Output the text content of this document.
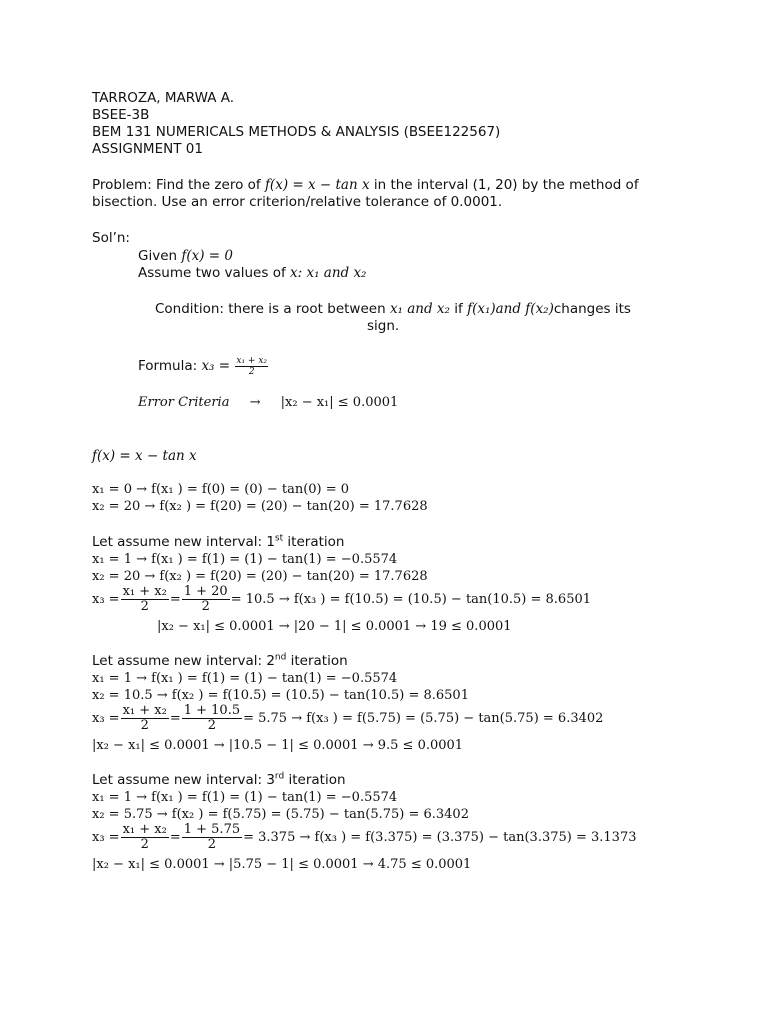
TARROZA, MARWA A.
BSEE-3B
BEM 131 NUMERICALS METHODS & ANALYSIS (BSEE122567)
ASSIGNMENT 01
Problem: Find the zero of f(x) = x − tan x in the interval (1, 20) by the method of
bisection. Use an error criterion/relative tolerance of 0.0001.
Sol’n:
Given f(x) = 0
Assume two values of x: x₁ and x₂
Condition: there is a root between x₁ and x₂ if f(x₁)and f(x₂)changes its
sign.
Formula: $x_3 = \frac{\text{x₁ + x₂}}{2}$
Error Criteria → |x₂ − x₁| ≤ 0.0001
f(x) = x − tan x
x₁ = 0 → f(x₁ ) = f(0) = (0) − tan(0) = 0
x₂ = 20 → f(x₂ ) = f(20) = (20) − tan(20) = 17.7628
Let assume new interval: 1st iteration
x₁ = 1 → f(x₁ ) = f(1) = (1) − tan(1) = −0.5574
x₂ = 20 → f(x₂ ) = f(20) = (20) − tan(20) = 17.7628
$x_3 = \frac{\text{x₁ + x₂}}{2} = \frac{1 + 20}{2} = 10.5 \to f(x_3$ ) = f(10.5) = (10.5) − tan(10.5) = 8.6501
|x₂ − x₁| ≤ 0.0001 → |20 − 1| ≤ 0.0001 → 19 ≤ 0.0001
Let assume new interval: 2nd iteration
x₁ = 1 → f(x₁ ) = f(1) = (1) − tan(1) = −0.5574
x₂ = 10.5 → f(x₂ ) = f(10.5) = (10.5) − tan(10.5) = 8.6501
$x_3 = \frac{\text{x₁ + x₂}}{2} = \frac{1 + 10.5}{2} = 5.75 \to f(x_3$ ) = f(5.75) = (5.75) − tan(5.75) = 6.3402
|x₂ − x₁| ≤ 0.0001 → |10.5 − 1| ≤ 0.0001 → 9.5 ≤ 0.0001
Let assume new interval: 3rd iteration
x₁ = 1 → f(x₁ ) = f(1) = (1) − tan(1) = −0.5574
x₂ = 5.75 → f(x₂ ) = f(5.75) = (5.75) − tan(5.75) = 6.3402
$x_3 = \frac{\text{x₁ + x₂}}{2} = \frac{1 + 5.75}{2} = 3.375 \to f(x_3$ ) = f(3.375) = (3.375) − tan(3.375) = 3.1373
|x₂ − x₁| ≤ 0.0001 → |5.75 − 1| ≤ 0.0001 → 4.75 ≤ 0.0001
